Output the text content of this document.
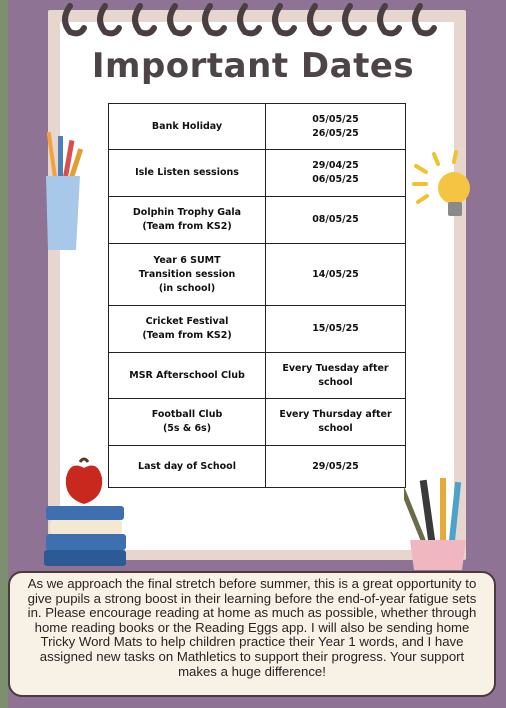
Important Dates
Bank Holiday	05/05/25
26/05/25
Isle Listen sessions	29/04/25
06/05/25
Dolphin Trophy Gala
(Team from KS2)	08/05/25
Year 6 SUMT
Transition session
(in school)	14/05/25
Cricket Festival
(Team from KS2)	15/05/25
MSR Afterschool Club	Every Tuesday after
school
Football Club
(5s & 6s)	Every Thursday after
school
Last day of School	29/05/25
As we approach the final stretch before summer, this is a great opportunity to give pupils a strong boost in their learning before the end-of-year fatigue sets in. Please encourage reading at home as much as possible, whether through home reading books or the Reading Eggs app. I will also be sending home Tricky Word Mats to help children practice their Year 1 words, and I have assigned new tasks on Mathletics to support their progress. Your support makes a huge difference!
